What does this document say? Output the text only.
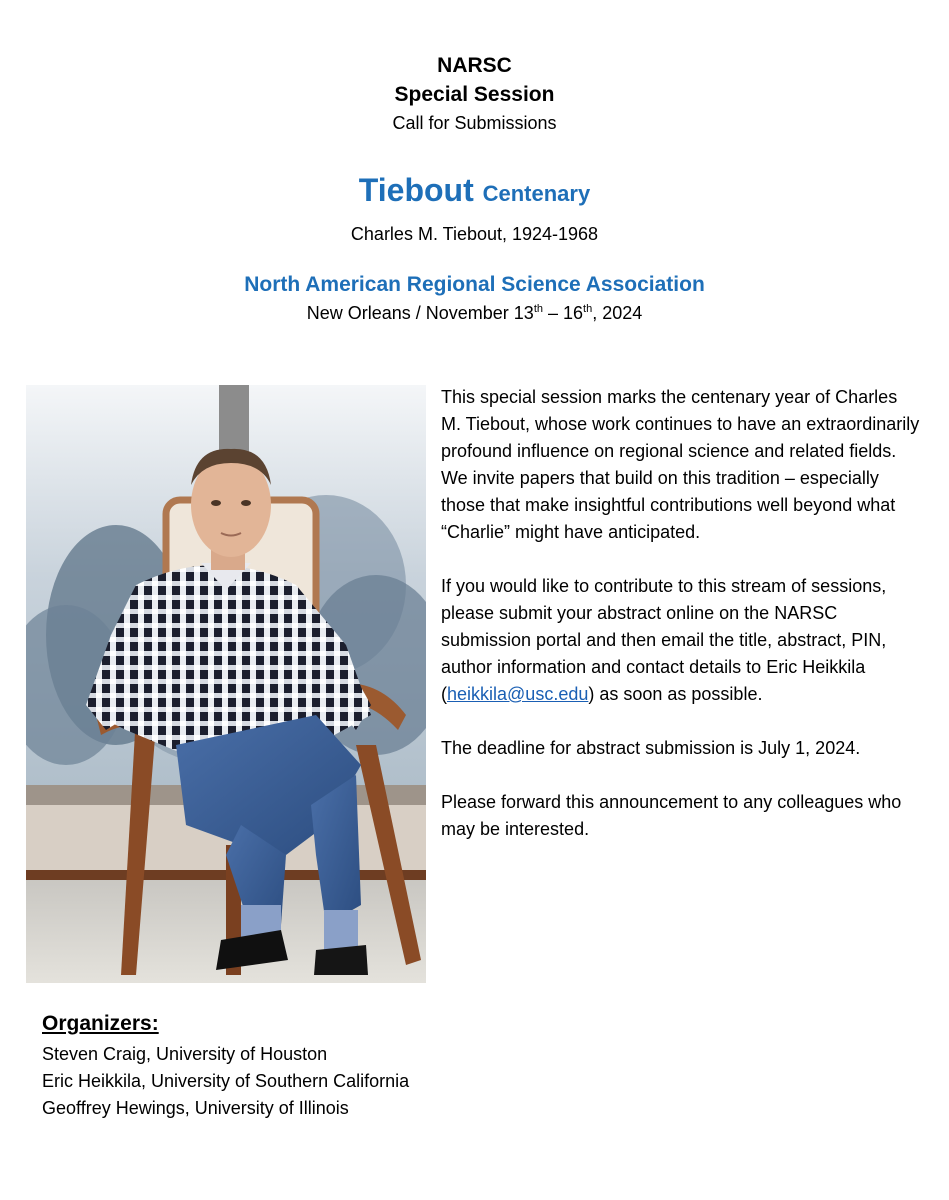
NARSC
Special Session
Call for Submissions
Tiebout Centenary
Charles M. Tiebout, 1924-1968
North American Regional Science Association
New Orleans / November 13th – 16th, 2024

This special session marks the centenary year of Charles M. Tiebout, whose work continues to have an extraordinarily profound influence on regional science and related fields. We invite papers that build on this tradition – especially those that make insightful contributions well beyond what “Charlie” might have anticipated.

If you would like to contribute to this stream of sessions, please submit your abstract online on the NARSC submission portal and then email the title, abstract, PIN, author information and contact details to Eric Heikkila (heikkila@usc.edu) as soon as possible.

The deadline for abstract submission is July 1, 2024.

Please forward this announcement to any colleagues who may be interested.

Organizers:
Steven Craig, University of Houston
Eric Heikkila, University of Southern California
Geoffrey Hewings, University of Illinois
